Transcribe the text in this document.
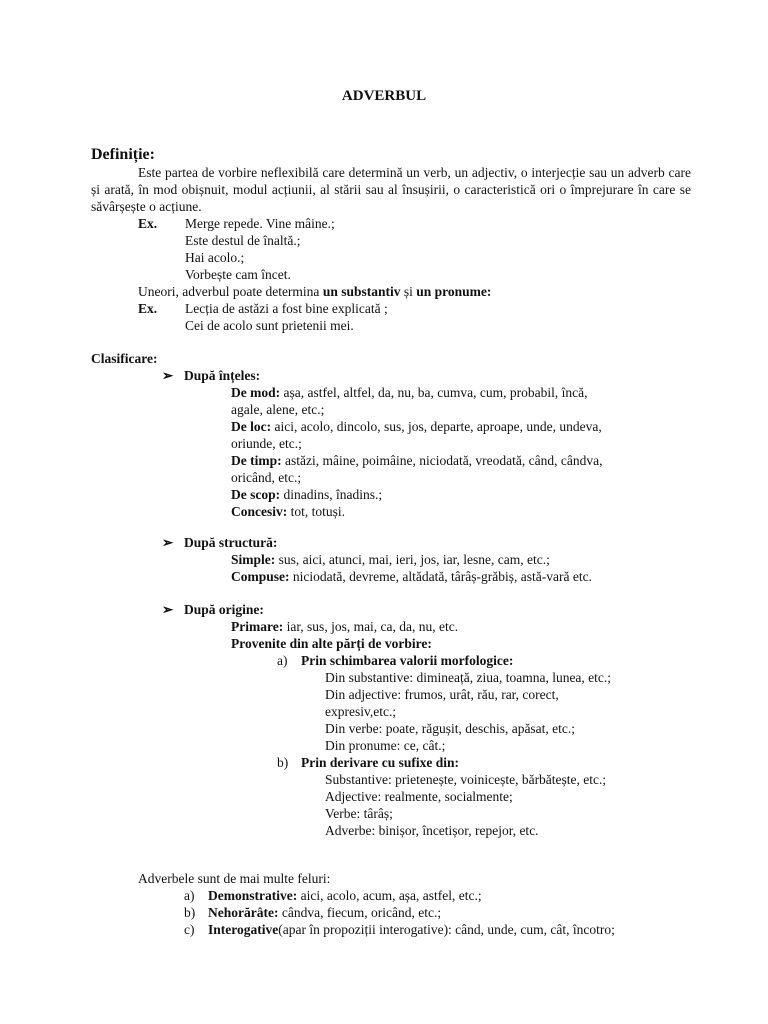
ADVERBUL
Definiție:
Este partea de vorbire neflexibilă care determină un verb, un adjectiv, o interjecție sau un adverb care și arată, în mod obișnuit, modul acțiunii, al stării sau al însușirii, o caracteristică ori o împrejurare în care se săvârșește o acțiune.
Ex. Merge repede. Vine mâine.;
Este destul de înaltă.;
Hai acolo.;
Vorbește cam încet.
Uneori, adverbul poate determina un substantiv și un pronume:
Ex. Lecția de astăzi a fost bine explicată ;
Cei de acolo sunt prietenii mei.
Clasificare:
➢ După înțeles:
De mod: așa, astfel, altfel, da, nu, ba, cumva, cum, probabil, încă,
agale, alene, etc.;
De loc: aici, acolo, dincolo, sus, jos, departe, aproape, unde, undeva,
oriunde, etc.;
De timp: astăzi, mâine, poimâine, niciodată, vreodată, când, cândva,
oricând, etc.;
De scop: dinadins, înadins.;
Concesiv: tot, totuși.
➢ După structură:
Simple: sus, aici, atunci, mai, ieri, jos, iar, lesne, cam, etc.;
Compuse: niciodată, devreme, altădată, târâș-grăbiș, astă-vară etc.
➢ După origine:
Primare: iar, sus, jos, mai, ca, da, nu, etc.
Provenite din alte părți de vorbire:
a) Prin schimbarea valorii morfologice:
Din substantive: dimineață, ziua, toamna, lunea, etc.;
Din adjective: frumos, urât, rău, rar, corect,
expresiv,etc.;
Din verbe: poate, răgușit, deschis, apăsat, etc.;
Din pronume: ce, cât.;
b) Prin derivare cu sufixe din:
Substantive: prietenește, voinicește, bărbătește, etc.;
Adjective: realmente, socialmente;
Verbe: târâș;
Adverbe: binișor, încetișor, repejor, etc.
Adverbele sunt de mai multe feluri:
a) Demonstrative: aici, acolo, acum, așa, astfel, etc.;
b) Nehorărâte: cândva, fiecum, oricând, etc.;
c) Interogative(apar în propoziții interogative): când, unde, cum, cât, încotro;
